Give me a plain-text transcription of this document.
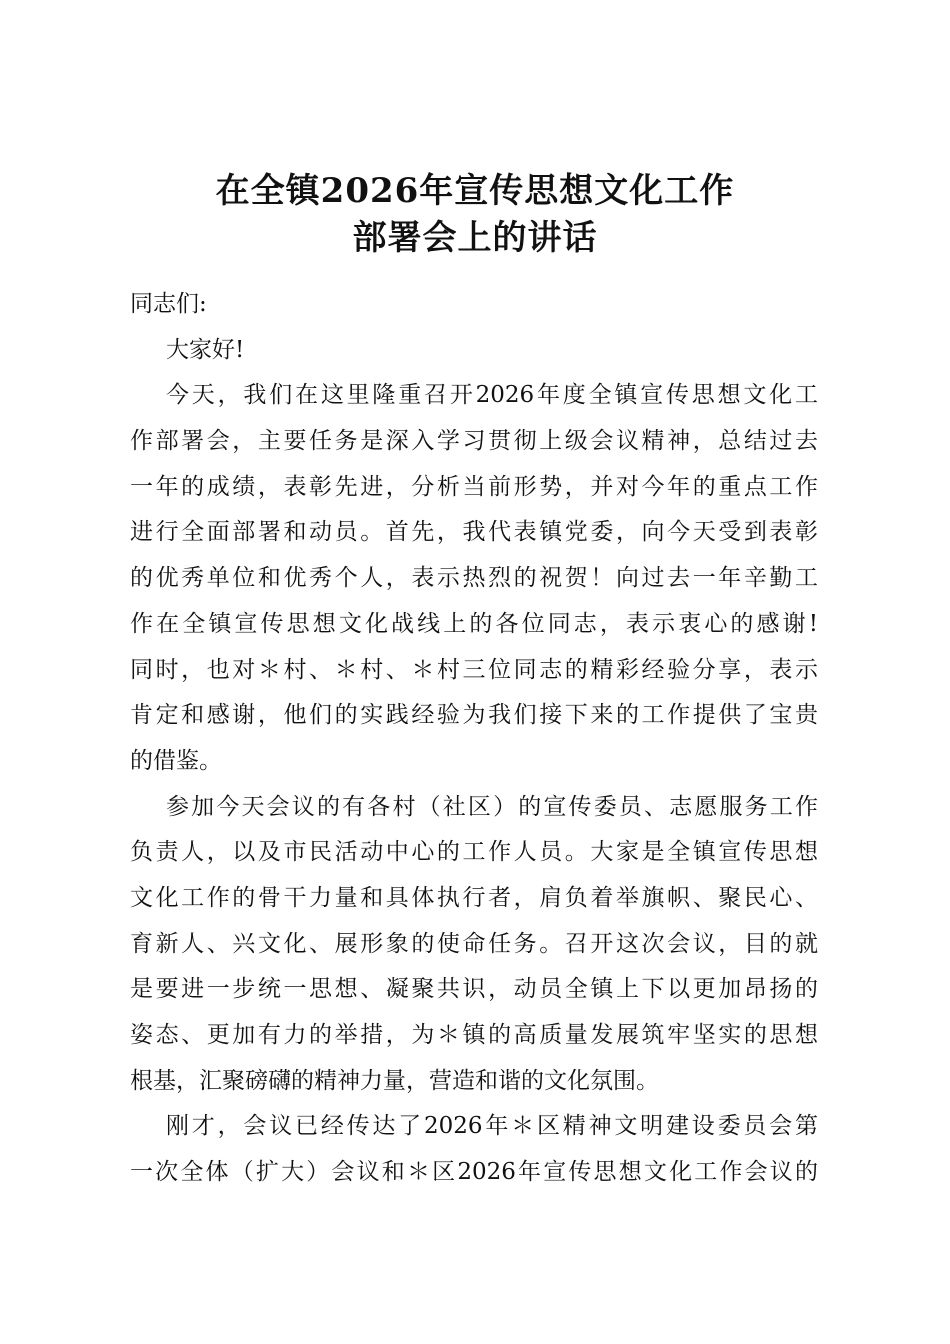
在全镇2026年宣传思想文化工作
部署会上的讲话
同志们:
大家好!
今天，我们在这里隆重召开2026年度全镇宣传思想文化工
作部署会，主要任务是深入学习贯彻上级会议精神，总结过去
一年的成绩，表彰先进，分析当前形势，并对今年的重点工作
进行全面部署和动员。首先，我代表镇党委，向今天受到表彰
的优秀单位和优秀个人，表示热烈的祝贺！向过去一年辛勤工
作在全镇宣传思想文化战线上的各位同志，表示衷心的感谢!
同时，也对＊村、＊村、＊村三位同志的精彩经验分享，表示
肯定和感谢，他们的实践经验为我们接下来的工作提供了宝贵
的借鉴。
参加今天会议的有各村（社区）的宣传委员、志愿服务工作
负责人，以及市民活动中心的工作人员。大家是全镇宣传思想
文化工作的骨干力量和具体执行者，肩负着举旗帜、聚民心、
育新人、兴文化、展形象的使命任务。召开这次会议，目的就
是要进一步统一思想、凝聚共识，动员全镇上下以更加昂扬的
姿态、更加有力的举措，为＊镇的高质量发展筑牢坚实的思想
根基，汇聚磅礴的精神力量，营造和谐的文化氛围。
刚才，会议已经传达了2026年＊区精神文明建设委员会第
一次全体（扩大）会议和＊区2026年宣传思想文化工作会议的
